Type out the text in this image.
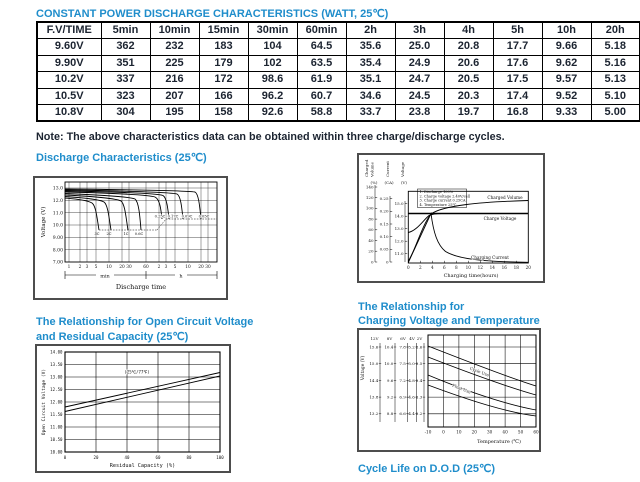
CONSTANT POWER DISCHARGE CHARACTERISTICS (WATT, 25℃)
F.V/TIME	5min	10min	15min	30min	60min	2h	3h	4h	5h	10h	20h
9.60V	362	232	183	104	64.5	35.6	25.0	20.8	17.7	9.66	5.18
9.90V	351	225	179	102	63.5	35.4	24.9	20.6	17.6	9.62	5.16
10.2V	337	216	172	98.6	61.9	35.1	24.7	20.5	17.5	9.57	5.13
10.5V	323	207	166	96.2	60.7	34.6	24.5	20.3	17.4	9.52	5.10
10.8V	304	195	158	92.6	58.8	33.7	23.8	19.7	16.8	9.33	5.00
Note: The above characteristics data can be obtained within three charge/discharge cycles.
Discharge Characteristics (25℃)
3C 2C	1C 0.6C
0.25C 0.17C 0.09C 0.05C
13.0
12.0
11.0
10.0
9.00
8.00
7.00
1 2 3 5 10 20 30	60 2 3 5 10 20 30
min	h
Discharge time
Voltage (V)
Charged Volume	Current	Voltage
(%) (CA) (V)
140
120
100
80
60
40
20
0
0.25
0.20
0.15
0.10
0.05
0
15.0
14.0
13.0
12.0
11.0
1. Discharge 100%
2. Charge voltage 2.40V/cell
3. Charge current 0.25CA
4. Temperature 25℃
Charged Volume
Charge Voltage
Charging Current
0 2 4 6 8 10 12 14 16 18 20
Charging time(hours)
The Relationship for Open Circuit Voltage
and Residual Capacity (25℃)
(25℃/77℉)
14.00
13.50
13.00
12.50
12.00
11.50
11.00
10.50
10.00
0	20	40	60	80	100
Residual Capacity (%)
Open Circuit Voltage (V)
The Relationship for
Charging Voltage and Temperature
12V 8V 6V 4V 2V
15.6
15.0
14.4
13.8
13.2
10.4
10.0
9.6
9.2
8.8
7.8
7.5
7.2
6.9
6.6
5.2
5.0
4.8
4.6
4.4
2.6
2.5
2.4
2.3
2.2
Cycle Use
Float Use
-10	0	10 20 30 40 50 60
Temperature (℃)
Voltage (V)
Cycle Life on D.O.D (25℃)
